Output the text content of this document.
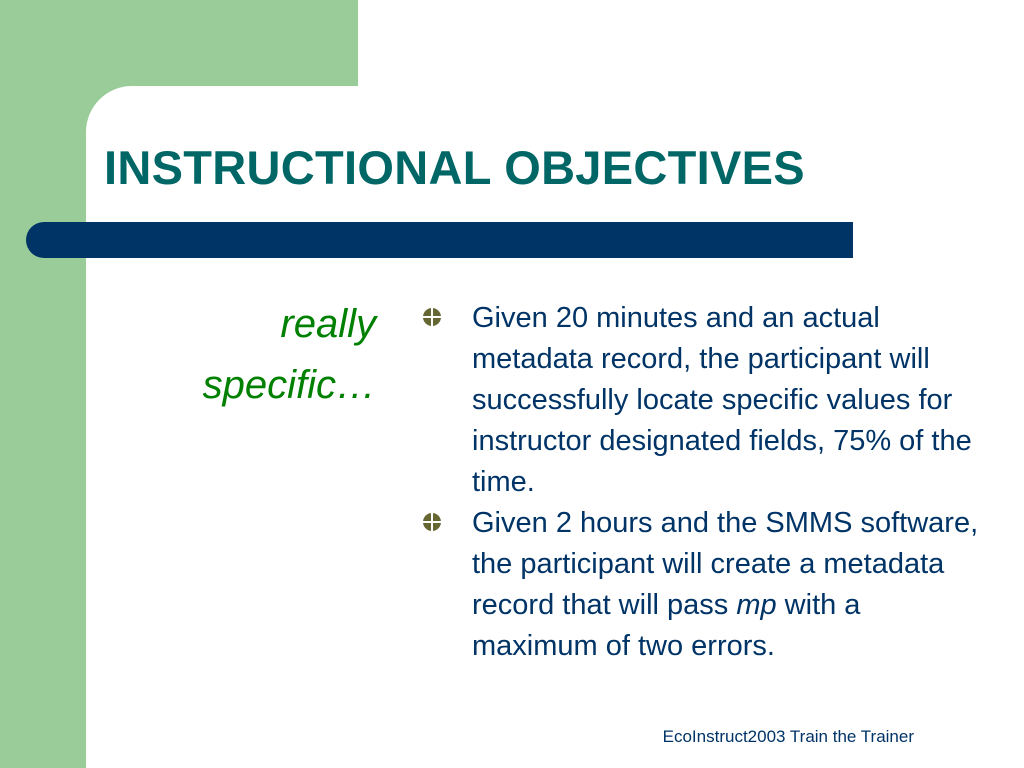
INSTRUCTIONAL OBJECTIVES
really
specific…
Given 20 minutes and an actual metadata record, the participant will successfully locate specific values for instructor designated fields, 75% of the time.
Given 2 hours and the SMMS software, the participant will create a metadata record that will pass mp with a maximum of two errors.
EcoInstruct2003 Train the Trainer
